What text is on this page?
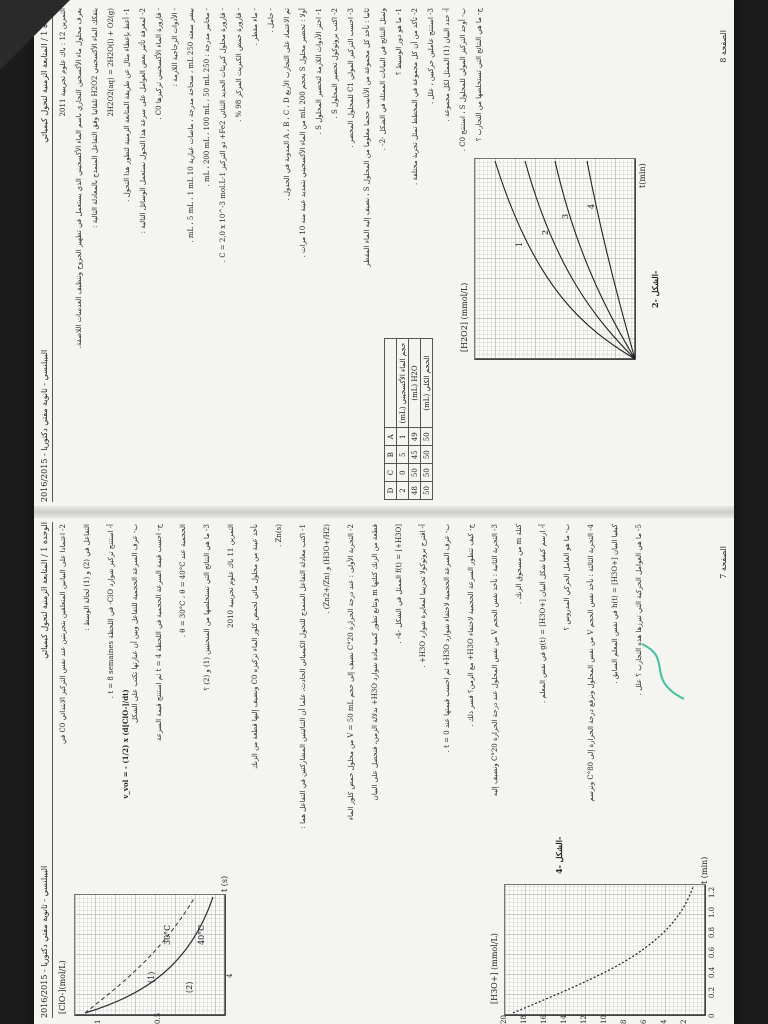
2016/2015 - البيبلنسي - ثانوية مفتي دكتوريا
الوحدة 1 / المتابعة الزمنية لتحول كيميائي
30°C	40°C
(1)
(2)
[ClO-](mol/L)
t (s)
0.5
1
4	[H3O+] (mmol/L)
t (min)
الشكل -4-
2- اعتمادا على البيانين المتعلقين بتجربتين عند نفس التركيز الابتدائي C0 في
التفاعل في (2) و (1) لحالة الوسط :
أ- استنتج تركيز شوارد ClO- في اللحظة t = 8 semaines . ب- عرف السرعة الحجمية للتفاعل وبين أن عبارتها تكتب على الشكل ج- احسب قيمة السرعة الحجمية في اللحظة t = 4 ثم استنتج قيمة السرعة الحجمية عند θ = 30°C ، θ = 40°C .
3- ما هي النتائج التي تستخلصها من المنحنيين (1) و (2) ؟
التمرين 11 باك علوم تجريبية 2010
نأخذ عينة من محلول مائي لحمض كلور الماء تركيزه C0 ونضيف إليها قطعة من الزنك Zn(s) . 1- اكتب معادلة التفاعل المنمذج للتحول الكيميائي الحادث، علما أن الثنائيتين المشاركتين في التفاعل هما :
(H3O+/H2) و (Zn2+/Zn) .
2- التجربة الأولى : عند درجة الحرارة 20°C نضيف إلى حجم V = 50 mL من محلول حمض كلور الماء
قطعة من الزنك كتلتها m ونتابع تطور كمية مادة شوارد H3O+ بدلالة الزمن، فنحصل على البيان
[H3O+] = f(t) الممثل في الشكل -4- .
أ- اقترح بروتوكولا تجريبيا لمعايرة شوارد H3O+ .
ب- عرف السرعة الحجمية لاختفاء شوارد H3O+ ثم احسب قيمتها عند t = 0 .
ج- كيف تتطور السرعة الحجمية لاختفاء H3O+ مع الزمن؟ فسر ذلك .
3- التجربة الثانية : نأخذ نفس الحجم V من نفس المحلول عند درجة الحرارة 20°C ونضيف إليه
كتلة m من مسحوق الزنك .
أ- ارسم كيفيا شكل البيان g(t) = [H3O+] في نفس المعلم . ب- ما هو العامل الحركي المدروس ؟
4- التجربة الثالثة : نأخذ نفس الحجم V من نفس المحلول ونرفع درجة الحرارة إلى 80°C ونرسم
كيفيا البيان h(t) = [H3O+] في نفس المعلم السابق . 5- ما هي العوامل الحركية التي تبرزها هذه التجارب ؟ علل .
v_vol = - (1/2) x (d[ClO-]/dt)
الصفحة 7
2
4
6
8
10
12
14
16
18
20	0
0.2
0.4
0.6
0.8
1.0
1.2
2016/2015 - البيبلنسي - ثانوية مفتي دكتوريا
الوحدة 1 / المتابعة الزمنية لتحول كيميائي
D	C	B	A	
2	0	5	1	(mL) حجم الماء الأكسجيني
48	50	45	49	(mL) H2O
50	50	50	50	(mL) الحجم الكلي
1
2
3
4
[H2O2] (mmol/L)
t(min)
الشكل -2-
التمرين 12 : باك علوم تجريبية 2011 يعرف محلول ماء الأكسجين التجاري باسم الماء الأكسجيني الذي يستعمل في تطهير الجروح وتنظيف العدسات اللاصقة. يتفكك الماء الأكسجيني H2O2 تلقائيا وفق التفاعل المنمذج بالمعادلة التالية : 2H2O2(aq) = 2H2O(l) + O2(g) 1- أعط بإعطاء مثال عن طريقة المتابعة الزمنية لتطور هذا التحول .
2- لمعرفة تأثير بعض العوامل على سرعة هذا التحول نستعمل الوسائل التالية :
- قارورة الماء الأكسجيني تركيزها C0 . - الأدوات الزجاجية اللازمة :
بيشر سعته 250 mL ، سحاحة مدرجة ، ماصات عيارية 10 mL ، 5 mL ، 1 mL .
- مخابير مدرجة : 250 mL ، 200 mL ، 100 mL ، 50 mL .
- قارورة محلول كبريتات الحديد الثنائي Fe2+ ذو التركيز C = 2,0 x 10^-3 mol.L-1 . - قارورة حمض الكبريت المركز 98 % . - ماء مقطر . - حامل .
تم الاعتماد على التجارب الأربع A ، B ، C ، D المدونة في الجدول .
أولا : تحضير محلول S بحجم 200 mL من الماء الأكسجيني بتمديد عينة منه 10 مرات .
1- اختر الأدوات اللازمة لتحضير المحلول S .
2- اكتب بروتوكول تحضير المحلول S .
3- احسب التركيز المولي C1 للمحلول المحضر .
ثانيا : نأخذ كل مجموعة من الأنابيب حجما معلوما من المحلول S ، نضيف إليه الماء المقطر وتمثل النتائج في البيانات الممثلة في الشكل -2- . 1- ما هو دور الوسيط ؟
2- تأكد من أن كل مجموعة في المخطط تمثل تجربة مختلفة .
3- استنتج عاملين حركيين ، علل .
أ- حدد البيان (1) الممثل لكل مجموعة .
ب- أوجد التركيز المولي للمحلول S ، استنتج C0 . ج- ما هي النتائج التي تستخلصها من التجارب ؟	الصفحة 8
